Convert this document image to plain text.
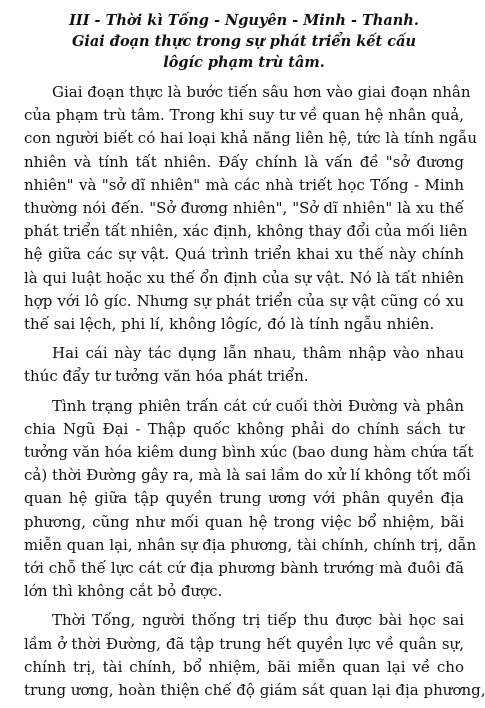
III - Thời kì Tống - Nguyên - Minh - Thanh.
Giai đoạn thực trong sự phát triển kết cấu
lôgíc phạm trù tâm.
Giai đoạn thực là bước tiến sâu hơn vào giai đoạn nhân
của phạm trù tâm. Trong khi suy tư về quan hệ nhân quả,
con người biết có hai loại khả năng liên hệ, tức là tính ngẫu
nhiên và tính tất nhiên. Đấy chính là vấn đề "sở đương
nhiên" và "sở dĩ nhiên" mà các nhà triết học Tống - Minh
thường nói đến. "Sở đương nhiên", "Sở dĩ nhiên" là xu thế
phát triển tất nhiên, xác định, không thay đổi của mối liên
hệ giữa các sự vật. Quá trình triển khai xu thế này chính
là qui luật hoặc xu thế ổn định của sự vật. Nó là tất nhiên
hợp với lô gíc. Nhưng sự phát triển của sự vật cũng có xu
thế sai lệch, phi lí, không lôgíc, đó là tính ngẫu nhiên.
Hai cái này tác dụng lẫn nhau, thâm nhập vào nhau
thúc đẩy tư tưởng văn hóa phát triển.
Tình trạng phiên trấn cát cứ cuối thời Đường và phân
chia Ngũ Đại - Thập quốc không phải do chính sách tư
tưởng văn hóa kiêm dung bình xúc (bao dung hàm chứa tất
cả) thời Đường gây ra, mà là sai lầm do xử lí không tốt mối
quan hệ giữa tập quyền trung ương với phân quyền địa
phương, cũng như mối quan hệ trong việc bổ nhiệm, bãi
miễn quan lại, nhân sự địa phương, tài chính, chính trị, dẫn
tới chỗ thế lực cát cứ địa phương bành trướng mà đuôi đã
lớn thì không cắt bỏ được.
Thời Tống, người thống trị tiếp thu được bài học sai
lầm ở thời Đường, đã tập trung hết quyền lực về quân sự,
chính trị, tài chính, bổ nhiệm, bãi miễn quan lại về cho
trung ương, hoàn thiện chế độ giám sát quan lại địa phương,
